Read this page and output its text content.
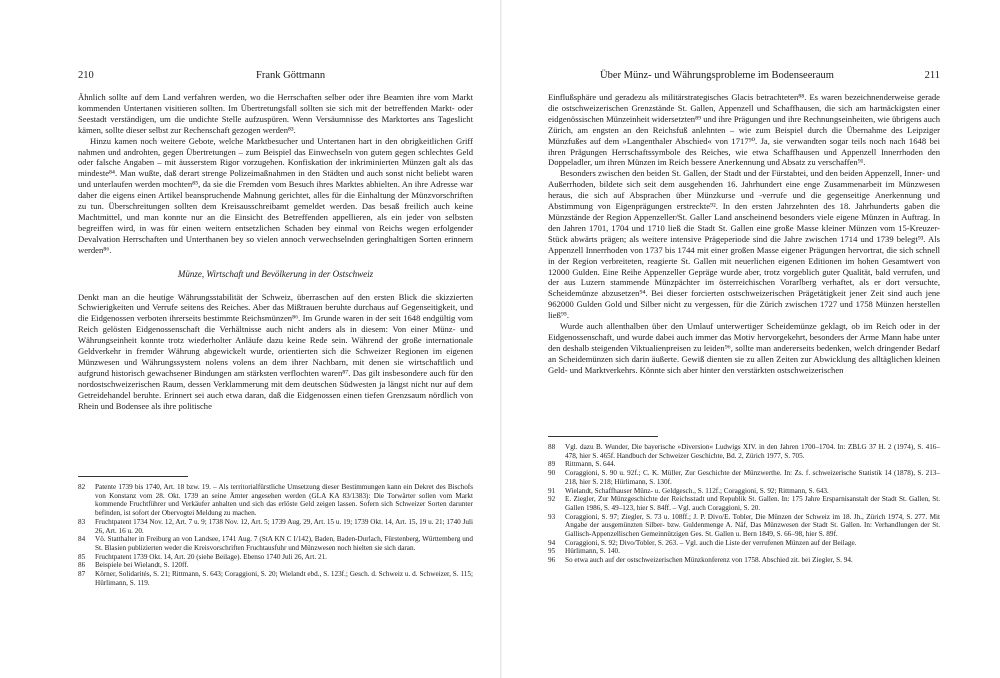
210	Frank Göttmann

Ähnlich sollte auf dem Land verfahren werden, wo die Herrschaften selber oder ihre Beamten ihre vom Markt kommenden Untertanen visitieren sollten. Im Übertretungsfall sollten sie sich mit der betreffenden Markt- oder Seestadt verständigen, um die undichte Stelle aufzuspüren. Wenn Versäumnisse des Marktortes ans Tageslicht kämen, sollte dieser selbst zur Rechenschaft gezogen werden⁸³.

Hinzu kamen noch weitere Gebote, welche Marktbesucher und Untertanen hart in den obrigkeitlichen Griff nahmen und androhten, gegen Übertretungen – zum Beispiel das Einwechseln von gutem gegen schlechtes Geld oder falsche Angaben – mit äusserstem Rigor vorzugehen. Konfiskation der inkriminierten Münzen galt als das mindeste⁸⁴. Man wußte, daß derart strenge Polizeimaßnahmen in den Städten und auch sonst nicht beliebt waren und unterlaufen werden mochten⁸⁵, da sie die Fremden vom Besuch ihres Marktes abhielten. An ihre Adresse war daher die eigens einen Artikel beanspruchende Mahnung gerichtet, alles für die Einhaltung der Münzvorschriften zu tun. Überschreitungen sollten dem Kreisausschreibamt gemeldet werden. Das besaß freilich auch keine Machtmittel, und man konnte nur an die Einsicht des Betreffenden appellieren, als ein jeder von selbsten begreiffen wird, in was für einen weitern entsetzlichen Schaden bey einmal von Reichs wegen erfolgender Devalvation Herrschaften und Unterthanen bey so vielen annoch verwechselnden geringhaltigen Sorten erinnern werden⁸⁶.

Münze, Wirtschaft und Bevölkerung in der Ostschweiz

Denkt man an die heutige Währungsstabilität der Schweiz, überraschen auf den ersten Blick die skizzierten Schwierigkeiten und Verrufe seitens des Reiches. Aber das Mißtrauen beruhte durchaus auf Gegenseitigkeit, und die Eidgenossen verboten ihrerseits bestimmte Reichsmünzen⁸⁶. Im Grunde waren in der seit 1648 endgültig vom Reich gelösten Eidgenossenschaft die Verhältnisse auch nicht anders als in diesem: Von einer Münz- und Währungseinheit konnte trotz wiederholter Anläufe dazu keine Rede sein. Während der große internationale Geldverkehr in fremder Währung abgewickelt wurde, orientierten sich die Schweizer Regionen im eigenen Münzwesen und Währungssystem nolens volens an dem ihrer Nachbarn, mit denen sie wirtschaftlich und aufgrund historisch gewachsener Bindungen am stärksten verflochten waren⁸⁷. Das gilt insbesondere auch für den nordostschweizerischen Raum, dessen Verklammerung mit dem deutschen Südwesten ja längst nicht nur auf dem Getreidehandel beruhte. Erinnert sei auch etwa daran, daß die Eidgenossen einen tiefen Grenzsaum nördlich von Rhein und Bodensee als ihre politische

82	Patente 1739 bis 1740, Art. 18 bzw. 19. – Als territorialfürstliche Umsetzung dieser Bestimmungen kann ein Dekret des Bischofs von Konstanz vom 28. Okt. 1739 an seine Ämter angesehen werden (GLA KA 83/1383): Die Torwärter sollen vom Markt kommende Fruchtführer und Verkäufer anhalten und sich das erlöste Geld zeigen lassen. Sofern sich Schweizer Sorten darunter befinden, ist sofort der Obervogtei Meldung zu machen.
83	Fruchtpatent 1734 Nov. 12, Art. 7 u. 9; 1738 Nov. 12, Art. 5; 1739 Aug. 29, Art. 15 u. 19; 1739 Okt. 14, Art. 15, 19 u. 21; 1740 Juli 26, Art. 16 u. 20.
84	Vö. Statthalter in Freiburg an von Landsee, 1741 Aug. 7 (StA KN C I/142), Baden, Baden-Durlach, Fürstenberg, Württemberg und St. Blasien publizierten weder die Kreisvorschriften Fruchtausfuhr und Münzwesen noch hielten sie sich daran.
85	Fruchtpatent 1739 Okt. 14, Art. 20 (siehe Beilage). Ebenso 1740 Juli 26, Art. 21.
86	Beispiele bei Wielandt, S. 120ff.
87	Körner, Solidarités, S. 21; Rittmann, S. 643; Coraggioni, S. 20; Wielandt ebd., S. 123f.; Gesch. d. Schweiz u. d. Schweizer, S. 115; Hürlimann, S. 119.
Über Münz- und Währungsprobleme im Bodenseeraum	211

Einflußsphäre und geradezu als militärstrategisches Glacis betrachteten⁸⁸. Es waren bezeichnenderweise gerade die ostschweizerischen Grenzstände St. Gallen, Appenzell und Schaffhausen, die sich am hartnäckigsten einer eidgenössischen Münzeinheit widersetzten⁸⁹ und ihre Prägungen und ihre Rechnungseinheiten, wie übrigens auch Zürich, am engsten an den Reichsfuß anlehnten – wie zum Beispiel durch die Übernahme des Leipziger Münzfußes auf dem »Langenthaler Abschied« von 1717⁹⁰. Ja, sie verwandten sogar teils noch nach 1648 bei ihren Prägungen Herrschaftssymbole des Reiches, wie etwa Schaffhausen und Appenzell Innerrhoden den Doppeladler, um ihren Münzen im Reich bessere Anerkennung und Absatz zu verschaffen⁹¹.

Besonders zwischen den beiden St. Gallen, der Stadt und der Fürstabtei, und den beiden Appenzell, Inner- und Außerrhoden, bildete sich seit dem ausgehenden 16. Jahrhundert eine enge Zusammenarbeit im Münzwesen heraus, die sich auf Absprachen über Münzkurse und -verrufe und die gegenseitige Anerkennung und Abstimmung von Eigenprägungen erstreckte⁹². In den ersten Jahrzehnten des 18. Jahrhunderts gaben die Münzstände der Region Appenzeller/St. Galler Land anscheinend besonders viele eigene Münzen in Auftrag. In den Jahren 1701, 1704 und 1710 ließ die Stadt St. Gallen eine große Masse kleiner Münzen vom 15-Kreuzer-Stück abwärts prägen; als weitere intensive Prägeperiode sind die Jahre zwischen 1714 und 1739 belegt⁹³. Als Appenzell Innerrhoden von 1737 bis 1744 mit einer großen Masse eigener Prägungen hervortrat, die sich schnell in der Region verbreiteten, reagierte St. Gallen mit neuerlichen eigenen Editionen im hohen Gesamtwert von 12000 Gulden. Eine Reihe Appenzeller Gepräge wurde aber, trotz vorgeblich guter Qualität, bald verrufen, und der aus Luzern stammende Münzpächter im österreichischen Vorarlberg verhaftet, als er dort versuchte, Scheidemünze abzusetzen⁹⁴. Bei dieser forcierten ostschweizerischen Prägetätigkeit jener Zeit sind auch jene 962000 Gulden Gold und Silber nicht zu vergessen, für die Zürich zwischen 1727 und 1758 Münzen herstellen ließ⁹⁵.

Wurde auch allenthalben über den Umlauf unterwertiger Scheidemünze geklagt, ob im Reich oder in der Eidgenossenschaft, und wurde dabei auch immer das Motiv hervorgekehrt, besonders der Arme Mann habe unter den deshalb steigenden Viktualienpreisen zu leiden⁹⁶, sollte man andererseits bedenken, welch dringender Bedarf an Scheidemünzen sich darin äußerte. Gewiß dienten sie zu allen Zeiten zur Abwicklung des alltäglichen kleinen Geld- und Marktverkehrs. Könnte sich aber hinter den verstärkten ostschweizerischen

88	Vgl. dazu B. Wunder, Die bayerische »Diversion« Ludwigs XIV. in den Jahren 1700–1704. In: ZBLG 37 H. 2 (1974), S. 416–478, hier S. 465f. Handbuch der Schweizer Geschichte, Bd. 2, Zürich 1977, S. 705.
89	Rittmann, S. 644.
90	Coraggioni, S. 90 u. 92f.; C. K. Müller, Zur Geschichte der Münzwerthe. In: Zs. f. schweizerische Statistik 14 (1878), S. 213–218, hier S. 218; Hürlimann, S. 130f.
91	Wielandt, Schaffhauser Münz- u. Geldgesch., S. 112f.; Coraggioni, S. 92; Rittmann, S. 643.
92	E. Ziegler, Zur Münzgeschichte der Reichsstadt und Republik St. Gallen. In: 175 Jahre Ersparnisanstalt der Stadt St. Gallen, St. Gallen 1986, S. 49–123, hier S. 84ff. – Vgl. auch Coraggioni, S. 20.
93	Coraggioni, S. 97; Ziegler, S. 73 u. 108ff.; J. P. Divo/E. Tobler, Die Münzen der Schweiz im 18. Jh., Zürich 1974, S. 277. Mit Angabe der ausgemünzten Silber- bzw. Guldenmenge A. Näf, Das Münzwesen der Stadt St. Gallen. In: Verhandlungen der St. Gallisch-Appenzellischen Gemeinnützigen Ges. St. Gallen u. Bern 1849, S. 66–98, hier S. 89f.
94	Coraggioni, S. 92; Divo/Tobler, S. 263. – Vgl. auch die Liste der verrufenen Münzen auf der Beilage.
95	Hürlimann, S. 140.
96	So etwa auch auf der ostschweizerischen Münzkonferenz von 1758. Abschied zit. bei Ziegler, S. 94.
